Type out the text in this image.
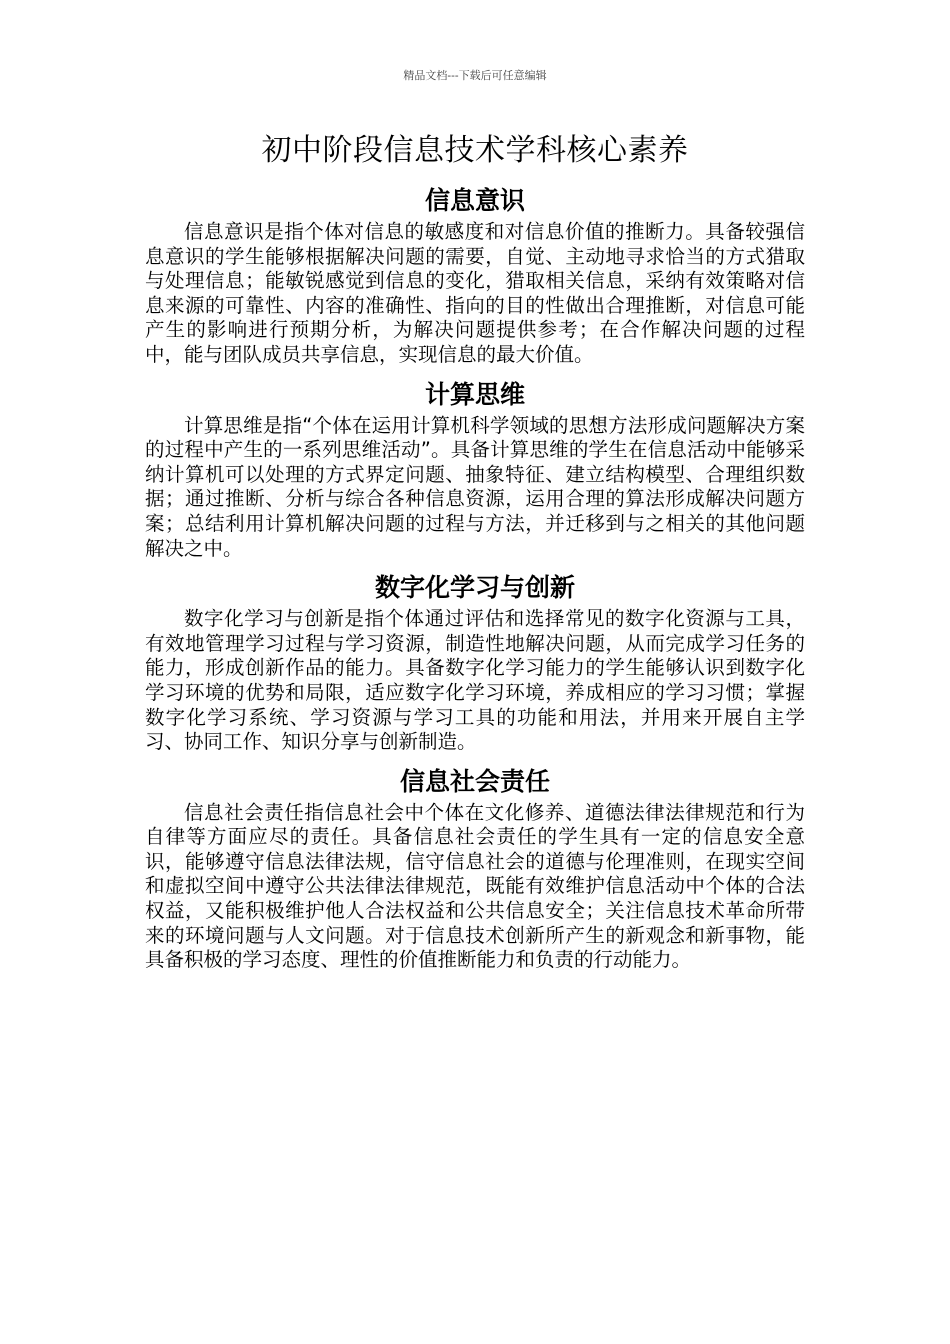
精品文档---下载后可任意编辑
初中阶段信息技术学科核心素养
信息意识

信息意识是指个体对信息的敏感度和对信息价值的推断力。具备较强信息意识的学生能够根据解决问题的需要，自觉、主动地寻求恰当的方式猎取与处理信息；能敏锐感觉到信息的变化，猎取相关信息，采纳有效策略对信息来源的可靠性、内容的准确性、指向的目的性做出合理推断，对信息可能产生的影响进行预期分析，为解决问题提供参考；在合作解决问题的过程中，能与团队成员共享信息，实现信息的最大价值。

计算思维

计算思维是指“个体在运用计算机科学领域的思想方法形成问题解决方案的过程中产生的一系列思维活动”。具备计算思维的学生在信息活动中能够采纳计算机可以处理的方式界定问题、抽象特征、建立结构模型、合理组织数据；通过推断、分析与综合各种信息资源，运用合理的算法形成解决问题方案；总结利用计算机解决问题的过程与方法，并迁移到与之相关的其他问题解决之中。

数字化学习与创新

数字化学习与创新是指个体通过评估和选择常见的数字化资源与工具，有效地管理学习过程与学习资源，制造性地解决问题，从而完成学习任务的能力，形成创新作品的能力。具备数字化学习能力的学生能够认识到数字化学习环境的优势和局限，适应数字化学习环境，养成相应的学习习惯；掌握数字化学习系统、学习资源与学习工具的功能和用法，并用来开展自主学习、协同工作、知识分享与创新制造。

信息社会责任

信息社会责任指信息社会中个体在文化修养、道德法律法律规范和行为自律等方面应尽的责任。具备信息社会责任的学生具有一定的信息安全意识，能够遵守信息法律法规，信守信息社会的道德与伦理准则，在现实空间和虚拟空间中遵守公共法律法律规范，既能有效维护信息活动中个体的合法权益，又能积极维护他人合法权益和公共信息安全；关注信息技术革命所带来的环境问题与人文问题。对于信息技术创新所产生的新观念和新事物，能具备积极的学习态度、理性的价值推断能力和负责的行动能力。
